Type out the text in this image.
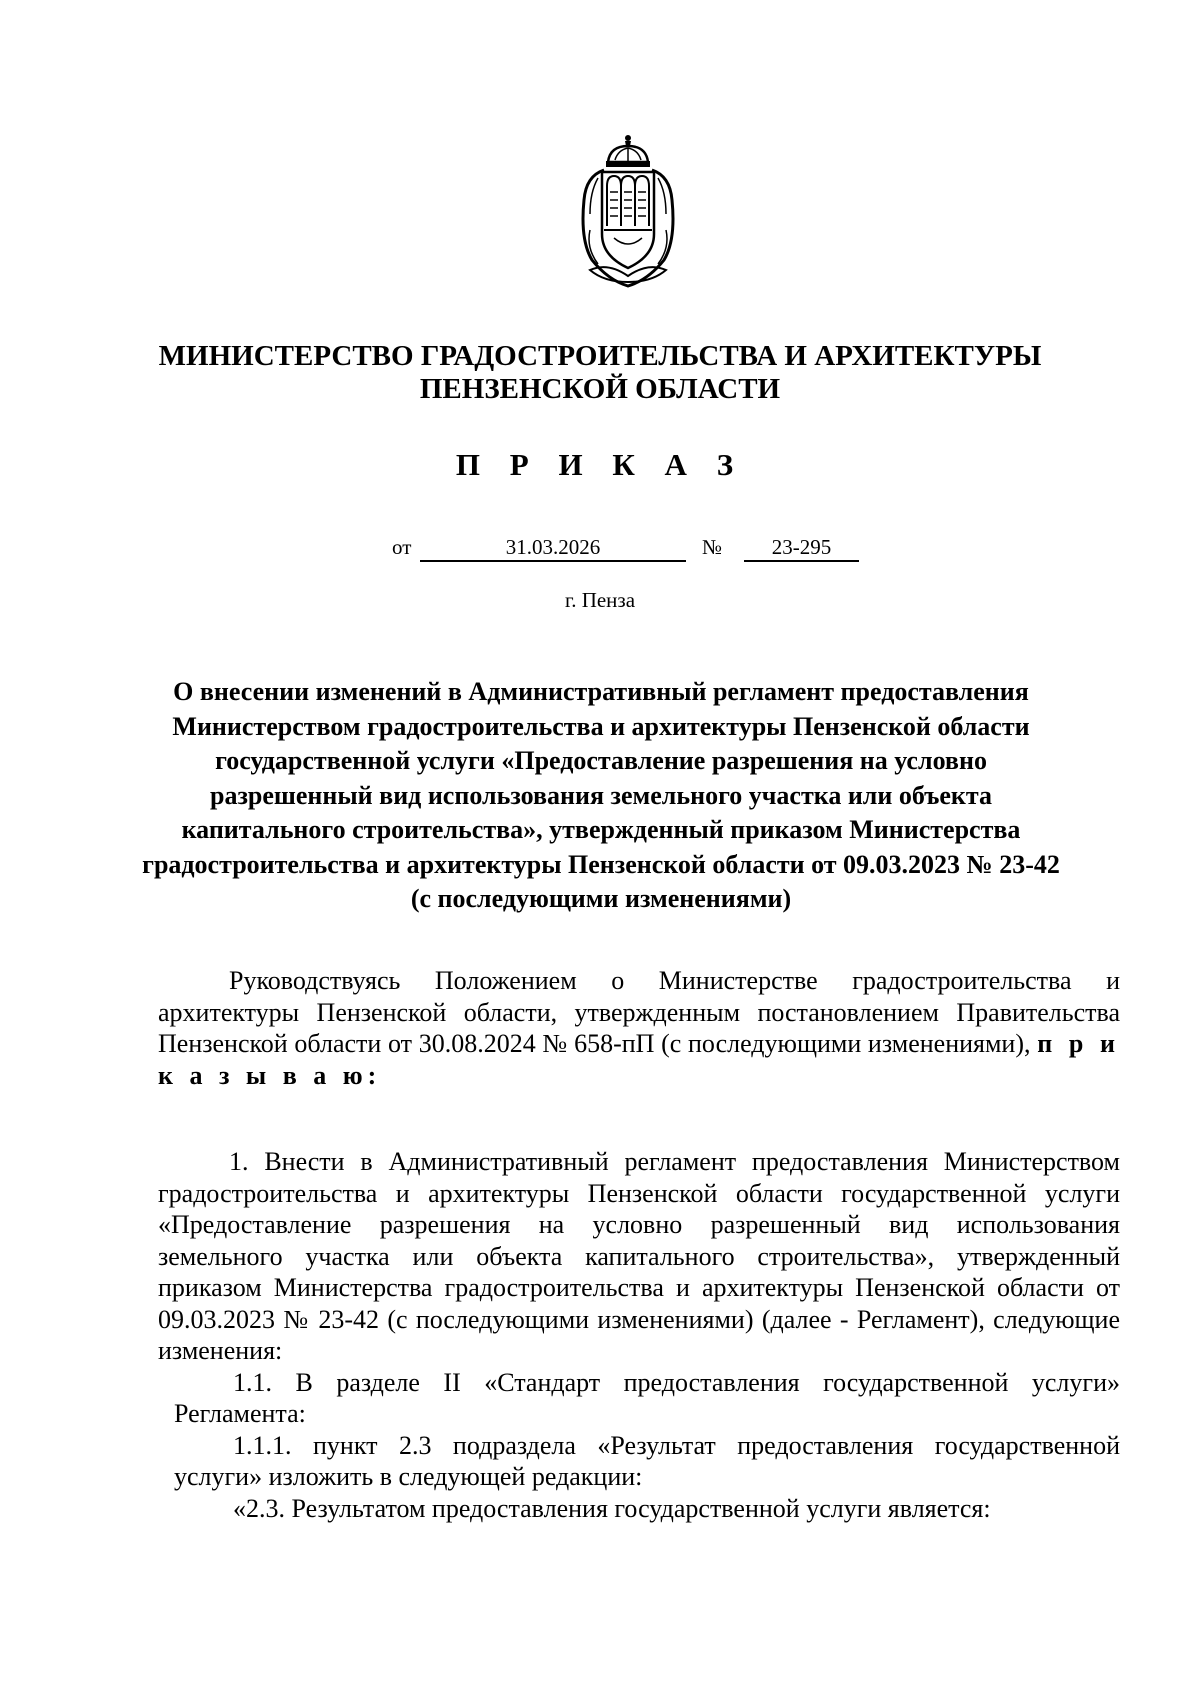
МИНИСТЕРСТВО ГРАДОСТРОИТЕЛЬСТВА И АРХИТЕКТУРЫ
ПЕНЗЕНСКОЙ ОБЛАСТИ
П Р И К А З
от	31.03.2026	№	23-295
г. Пенза
О внесении изменений в Административный регламент предоставления Министерством градостроительства и архитектуры Пензенской области государственной услуги «Предоставление разрешения на условно разрешенный вид использования земельного участка или объекта капитального строительства», утвержденный приказом Министерства градостроительства и архитектуры Пензенской области от 09.03.2023 № 23-42 (с последующими изменениями)

Руководствуясь Положением о Министерстве градостроительства и архитектуры Пензенской области, утвержденным постановлением Правительства Пензенской области от 30.08.2024 № 658-пП (с последующими изменениями), п р и к а з ы в а ю:

1. Внести в Административный регламент предоставления Министерством градостроительства и архитектуры Пензенской области государственной услуги «Предоставление разрешения на условно разрешенный вид использования земельного участка или объекта капитального строительства», утвержденный приказом Министерства градостроительства и архитектуры Пензенской области от 09.03.2023 № 23-42 (с последующими изменениями) (далее - Регламент), следующие изменения:

1.1. В разделе II «Стандарт предоставления государственной услуги» Регламента:

1.1.1. пункт 2.3 подраздела «Результат предоставления государственной услуги» изложить в следующей редакции:

«2.3. Результатом предоставления государственной услуги является:
